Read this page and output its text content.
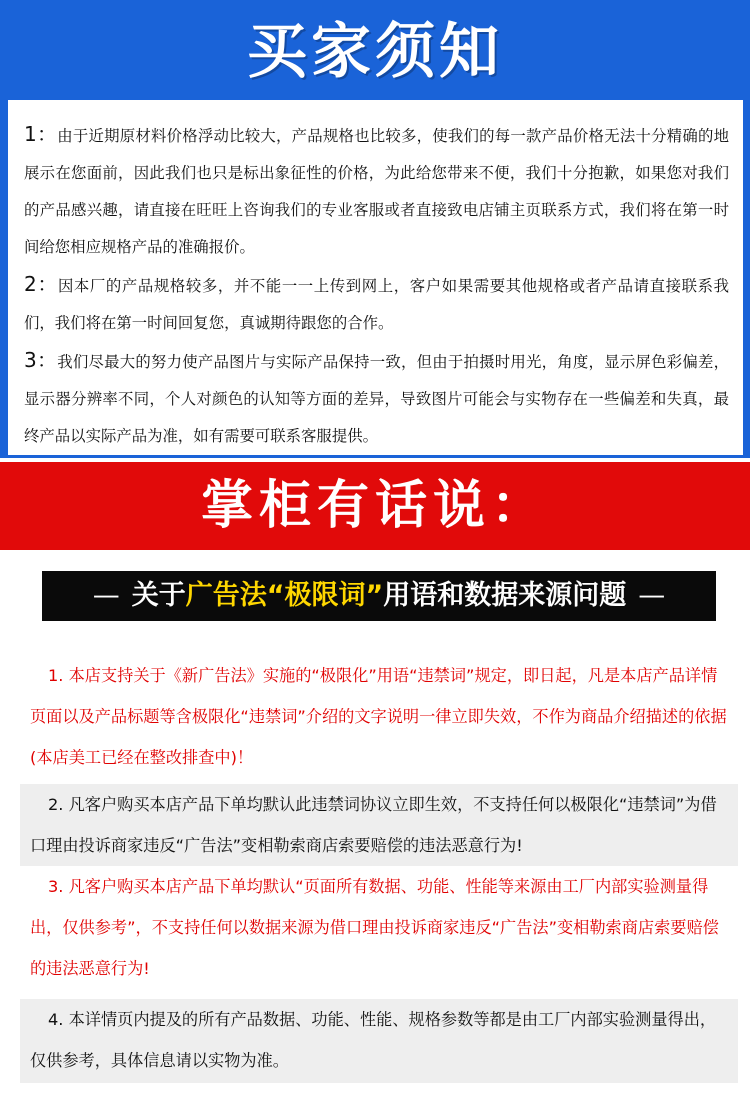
买家须知

1：由于近期原材料价格浮动比较大，产品规格也比较多，使我们的每一款产品价格无法十分精确的地展示在您面前，因此我们也只是标出象征性的价格，为此给您带来不便，我们十分抱歉，如果您对我们的产品感兴趣，请直接在旺旺上咨询我们的专业客服或者直接致电店铺主页联系方式，我们将在第一时间给您相应规格产品的准确报价。

2：因本厂的产品规格较多，并不能一一上传到网上，客户如果需要其他规格或者产品请直接联系我们，我们将在第一时间回复您，真诚期待跟您的合作。

3：我们尽最大的努力使产品图片与实际产品保持一致，但由于拍摄时用光，角度，显示屏色彩偏差，显示器分辨率不同，个人对颜色的认知等方面的差异，导致图片可能会与实物存在一些偏差和失真，最终产品以实际产品为准，如有需要可联系客服提供。

掌柜有话说：
— 关于 广告法“极限词” 用语和数据来源问题 —

1. 本店支持关于《新广告法》实施的“极限化”用语“违禁词”规定，即日起，凡是本店产品详情页面以及产品标题等含极限化“违禁词”介绍的文字说明一律立即失效，不作为商品介绍描述的依据(本店美工已经在整改排查中)！

2. 凡客户购买本店产品下单均默认此违禁词协议立即生效，不支持任何以极限化“违禁词”为借口理由投诉商家违反“广告法”变相勒索商店索要赔偿的违法恶意行为!

3. 凡客户购买本店产品下单均默认“页面所有数据、功能、性能等来源由工厂内部实验测量得出，仅供参考”，不支持任何以数据来源为借口理由投诉商家违反“广告法”变相勒索商店索要赔偿的违法恶意行为!

4. 本详情页内提及的所有产品数据、功能、性能、规格参数等都是由工厂内部实验测量得出，仅供参考，具体信息请以实物为准。
